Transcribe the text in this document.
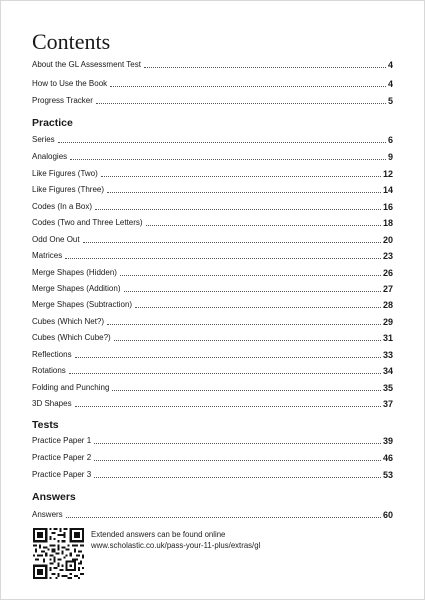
Contents
About the GL Assessment Test	4
How to Use the Book	4
Progress Tracker	5
Practice
Series	6
Analogies	9
Like Figures (Two)	12
Like Figures (Three)	14
Codes (In a Box)	16
Codes (Two and Three Letters)	18
Odd One Out	20
Matrices	23
Merge Shapes (Hidden)	26
Merge Shapes (Addition)	27
Merge Shapes (Subtraction)	28
Cubes (Which Net?)	29
Cubes (Which Cube?)	31
Reflections	33
Rotations	34
Folding and Punching	35
3D Shapes	37
Tests
Practice Paper 1	39
Practice Paper 2	46
Practice Paper 3	53
Answers
Answers	60
Extended answers can be found online
www.scholastic.co.uk/pass-your-11-plus/extras/gl
